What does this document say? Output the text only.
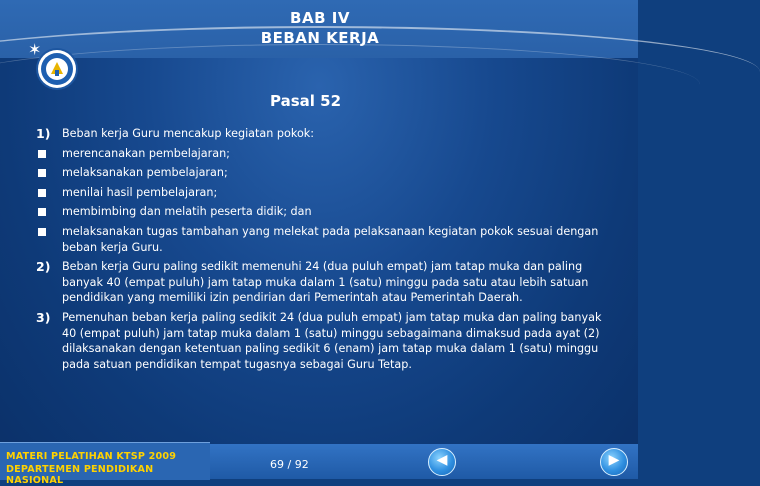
BAB IV
BEBAN KERJA
✶
Pasal 52
1) Beban kerja Guru mencakup kegiatan pokok:
merencanakan pembelajaran;
melaksanakan pembelajaran;
menilai hasil pembelajaran;
membimbing dan melatih peserta didik; dan
melaksanakan tugas tambahan yang melekat pada pelaksanaan kegiatan pokok sesuai dengan beban kerja Guru.
2) Beban kerja Guru paling sedikit memenuhi 24 (dua puluh empat) jam tatap muka dan paling banyak 40 (empat puluh) jam tatap muka dalam 1 (satu) minggu pada satu atau lebih satuan pendidikan yang memiliki izin pendirian dari Pemerintah atau Pemerintah Daerah.
3) Pemenuhan beban kerja paling sedikit 24 (dua puluh empat) jam tatap muka dan paling banyak 40 (empat puluh) jam tatap muka dalam 1 (satu) minggu sebagaimana dimaksud pada ayat (2) dilaksanakan dengan ketentuan paling sedikit 6 (enam) jam tatap muka dalam 1 (satu) minggu pada satuan pendidikan tempat tugasnya sebagai Guru Tetap.
MATERI PELATIHAN KTSP 2009
DEPARTEMEN PENDIDIKAN NASIONAL
69 / 92	◀	▶
